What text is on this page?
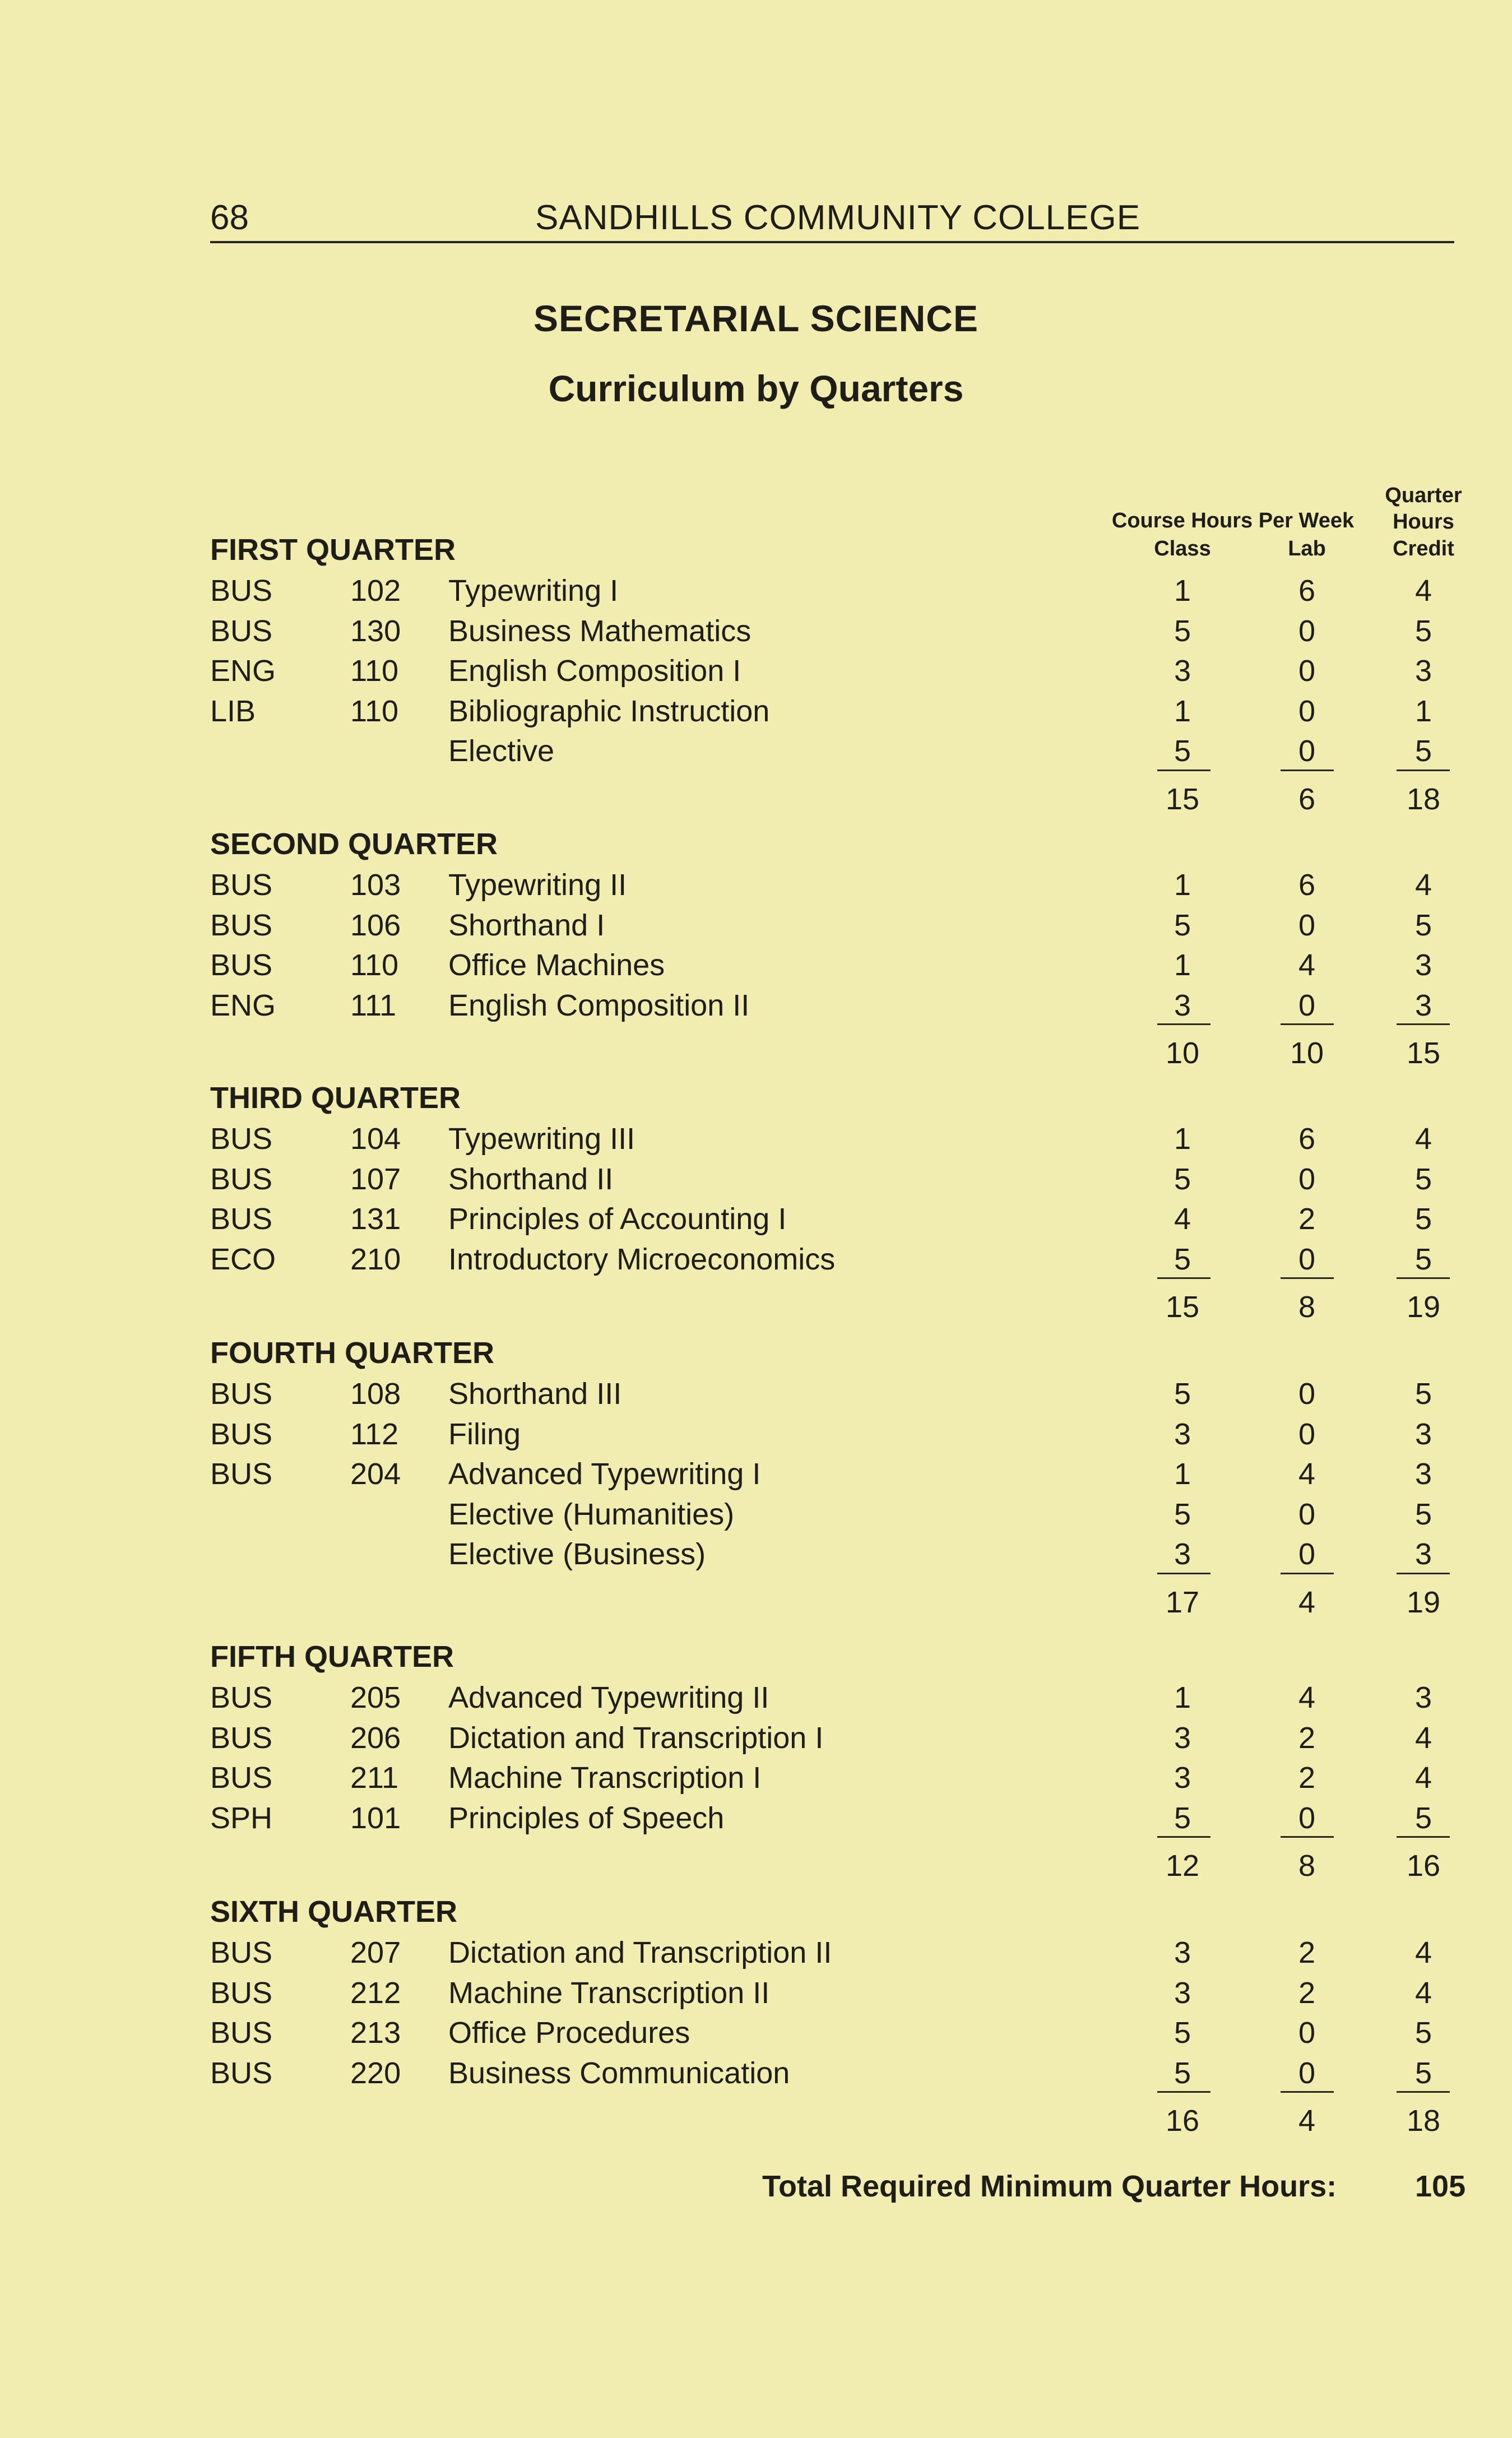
68	SANDHILLS COMMUNITY COLLEGE
SECRETARIAL SCIENCE
Curriculum by Quarters
Course Hours Per Week
Class	Lab
Quarter
Hours
Credit
FIRST QUARTER
BUS	102 Typewriting I	1	6	4
BUS	130 Business Mathematics	5	0	5
ENG 110 English Composition I	3	0	3
LIB	110 Bibliographic Instruction	1	0	1
Elective	5	0	5
15	6	18
SECOND QUARTER
BUS	103 Typewriting II	1	6	4
BUS	106 Shorthand I	5	0	5
BUS	110 Office Machines	1	4	3
ENG 111 English Composition II	3	0	3
10	10	15
THIRD QUARTER
BUS	104 Typewriting III	1	6	4
BUS	107 Shorthand II	5	0	5
BUS	131 Principles of Accounting I	4	2	5
ECO 210 Introductory Microeconomics	5	0	5
15	8	19
FOURTH QUARTER
BUS	108 Shorthand III	5	0	5
BUS	112 Filing	3	0	3
BUS	204 Advanced Typewriting I	1	4	3
Elective (Humanities)	5	0	5
Elective (Business)	3	0	3
17	4	19
FIFTH QUARTER
BUS	205 Advanced Typewriting II	1	4	3
BUS	206 Dictation and Transcription I	3	2	4
BUS	211 Machine Transcription I	3	2	4
SPH	101 Principles of Speech	5	0	5
12	8	16
SIXTH QUARTER
BUS	207 Dictation and Transcription II	3	2	4
BUS	212 Machine Transcription II	3	2	4
BUS	213 Office Procedures	5	0	5
BUS	220 Business Communication	5	0	5
16	4	18
Total Required Minimum Quarter Hours:	105
